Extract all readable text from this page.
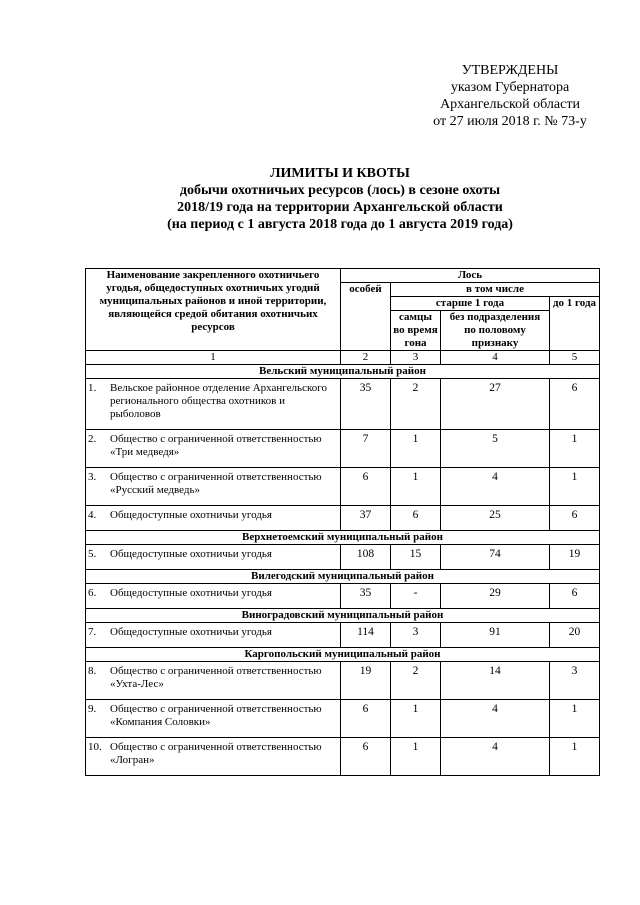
УТВЕРЖДЕНЫ
указом Губернатора
Архангельской области
от 27 июля 2018 г. № 73-у
ЛИМИТЫ И КВОТЫ
добычи охотничьих ресурсов (лось) в сезоне охоты
2018/19 года на территории Архангельской области
(на период с 1 августа 2018 года до 1 августа 2019 года)
Наименование закрепленного охотничьего угодья, общедоступных охотничьих угодий муниципальных районов и иной территории, являющейся средой обитания охотничьих ресурсов	Лось			
	особей	в том числе		
		старше 1 года		до 1 года
		самцы во время гона	без подразделения по половому признаку	
1	2	3	4	5
Вельский муниципальный район				

1. Вельское районное отделение Архангельского регионального общества охотников и рыболовов	35	2	27	6

2. Общество с ограниченной ответственностью «Три медведя»	7	1	5	1

3. Общество с ограниченной ответственностью «Русский медведь»	6	1	4	1

4. Общедоступные охотничьи угодья	37	6	25	6
Верхнетоемский муниципальный район				

5. Общедоступные охотничьи угодья	108	15	74	19
Вилегодский муниципальный район				

6. Общедоступные охотничьи угодья	35	-	29	6
Виноградовский муниципальный район				

7. Общедоступные охотничьи угодья	114	3	91	20
Каргопольский муниципальный район				

8. Общество с ограниченной ответственностью «Ухта-Лес»	19	2	14	3

9. Общество с ограниченной ответственностью «Компания Соловки»	6	1	4	1

10. Общество с ограниченной ответственностью «Логран»	6	1	4	1
